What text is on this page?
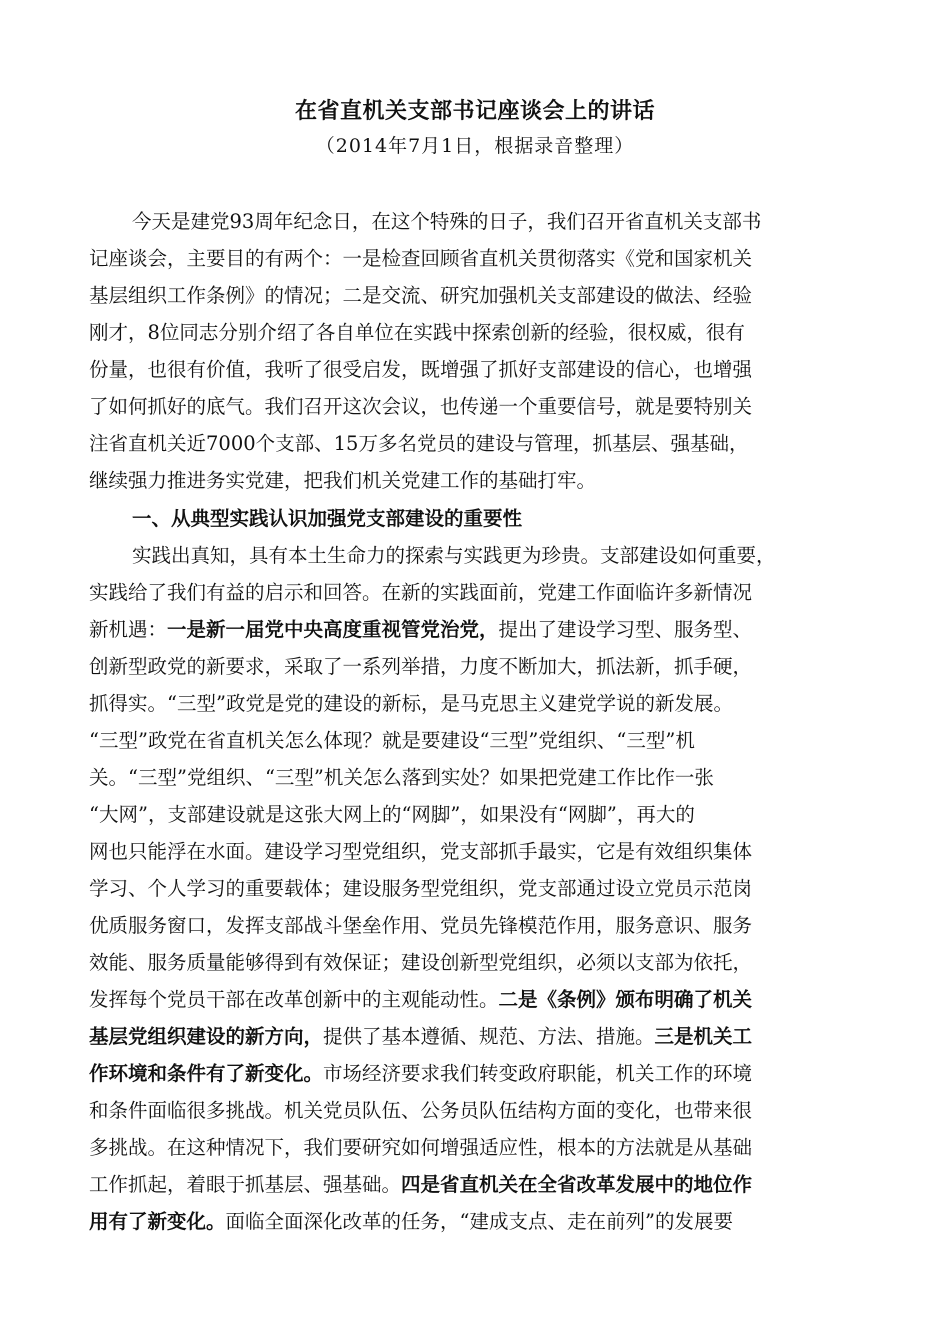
在省直机关支部书记座谈会上的讲话
（2014年7月1日，根据录音整理）
今天是建党93周年纪念日，在这个特殊的日子，我们召开省直机关支部书
记座谈会，主要目的有两个：一是检查回顾省直机关贯彻落实《党和国家机关
基层组织工作条例》的情况；二是交流、研究加强机关支部建设的做法、经验
刚才，8位同志分别介绍了各自单位在实践中探索创新的经验，很权威，很有
份量，也很有价值，我听了很受启发，既增强了抓好支部建设的信心，也增强
了如何抓好的底气。我们召开这次会议，也传递一个重要信号，就是要特别关
注省直机关近7000个支部、15万多名党员的建设与管理，抓基层、强基础，
继续强力推进务实党建，把我们机关党建工作的基础打牢。
一、从典型实践认识加强党支部建设的重要性
实践出真知，具有本土生命力的探索与实践更为珍贵。支部建设如何重要，
实践给了我们有益的启示和回答。在新的实践面前，党建工作面临许多新情况
新机遇：一是新一届党中央高度重视管党治党，提出了建设学习型、服务型、
创新型政党的新要求，采取了一系列举措，力度不断加大，抓法新，抓手硬，
抓得实。“三型”政党是党的建设的新标，是马克思主义建党学说的新发展。
“三型”政党在省直机关怎么体现？就是要建设“三型”党组织、“三型”机
关。“三型”党组织、“三型”机关怎么落到实处？如果把党建工作比作一张
“大网”，支部建设就是这张大网上的“网脚”，如果没有“网脚”，再大的
网也只能浮在水面。建设学习型党组织，党支部抓手最实，它是有效组织集体
学习、个人学习的重要载体；建设服务型党组织，党支部通过设立党员示范岗
优质服务窗口，发挥支部战斗堡垒作用、党员先锋模范作用，服务意识、服务
效能、服务质量能够得到有效保证；建设创新型党组织，必须以支部为依托，
发挥每个党员干部在改革创新中的主观能动性。二是《条例》颁布明确了机关
基层党组织建设的新方向，提供了基本遵循、规范、方法、措施。三是机关工
作环境和条件有了新变化。市场经济要求我们转变政府职能，机关工作的环境
和条件面临很多挑战。机关党员队伍、公务员队伍结构方面的变化，也带来很
多挑战。在这种情况下，我们要研究如何增强适应性，根本的方法就是从基础
工作抓起，着眼于抓基层、强基础。四是省直机关在全省改革发展中的地位作
用有了新变化。面临全面深化改革的任务，“建成支点、走在前列”的发展要
